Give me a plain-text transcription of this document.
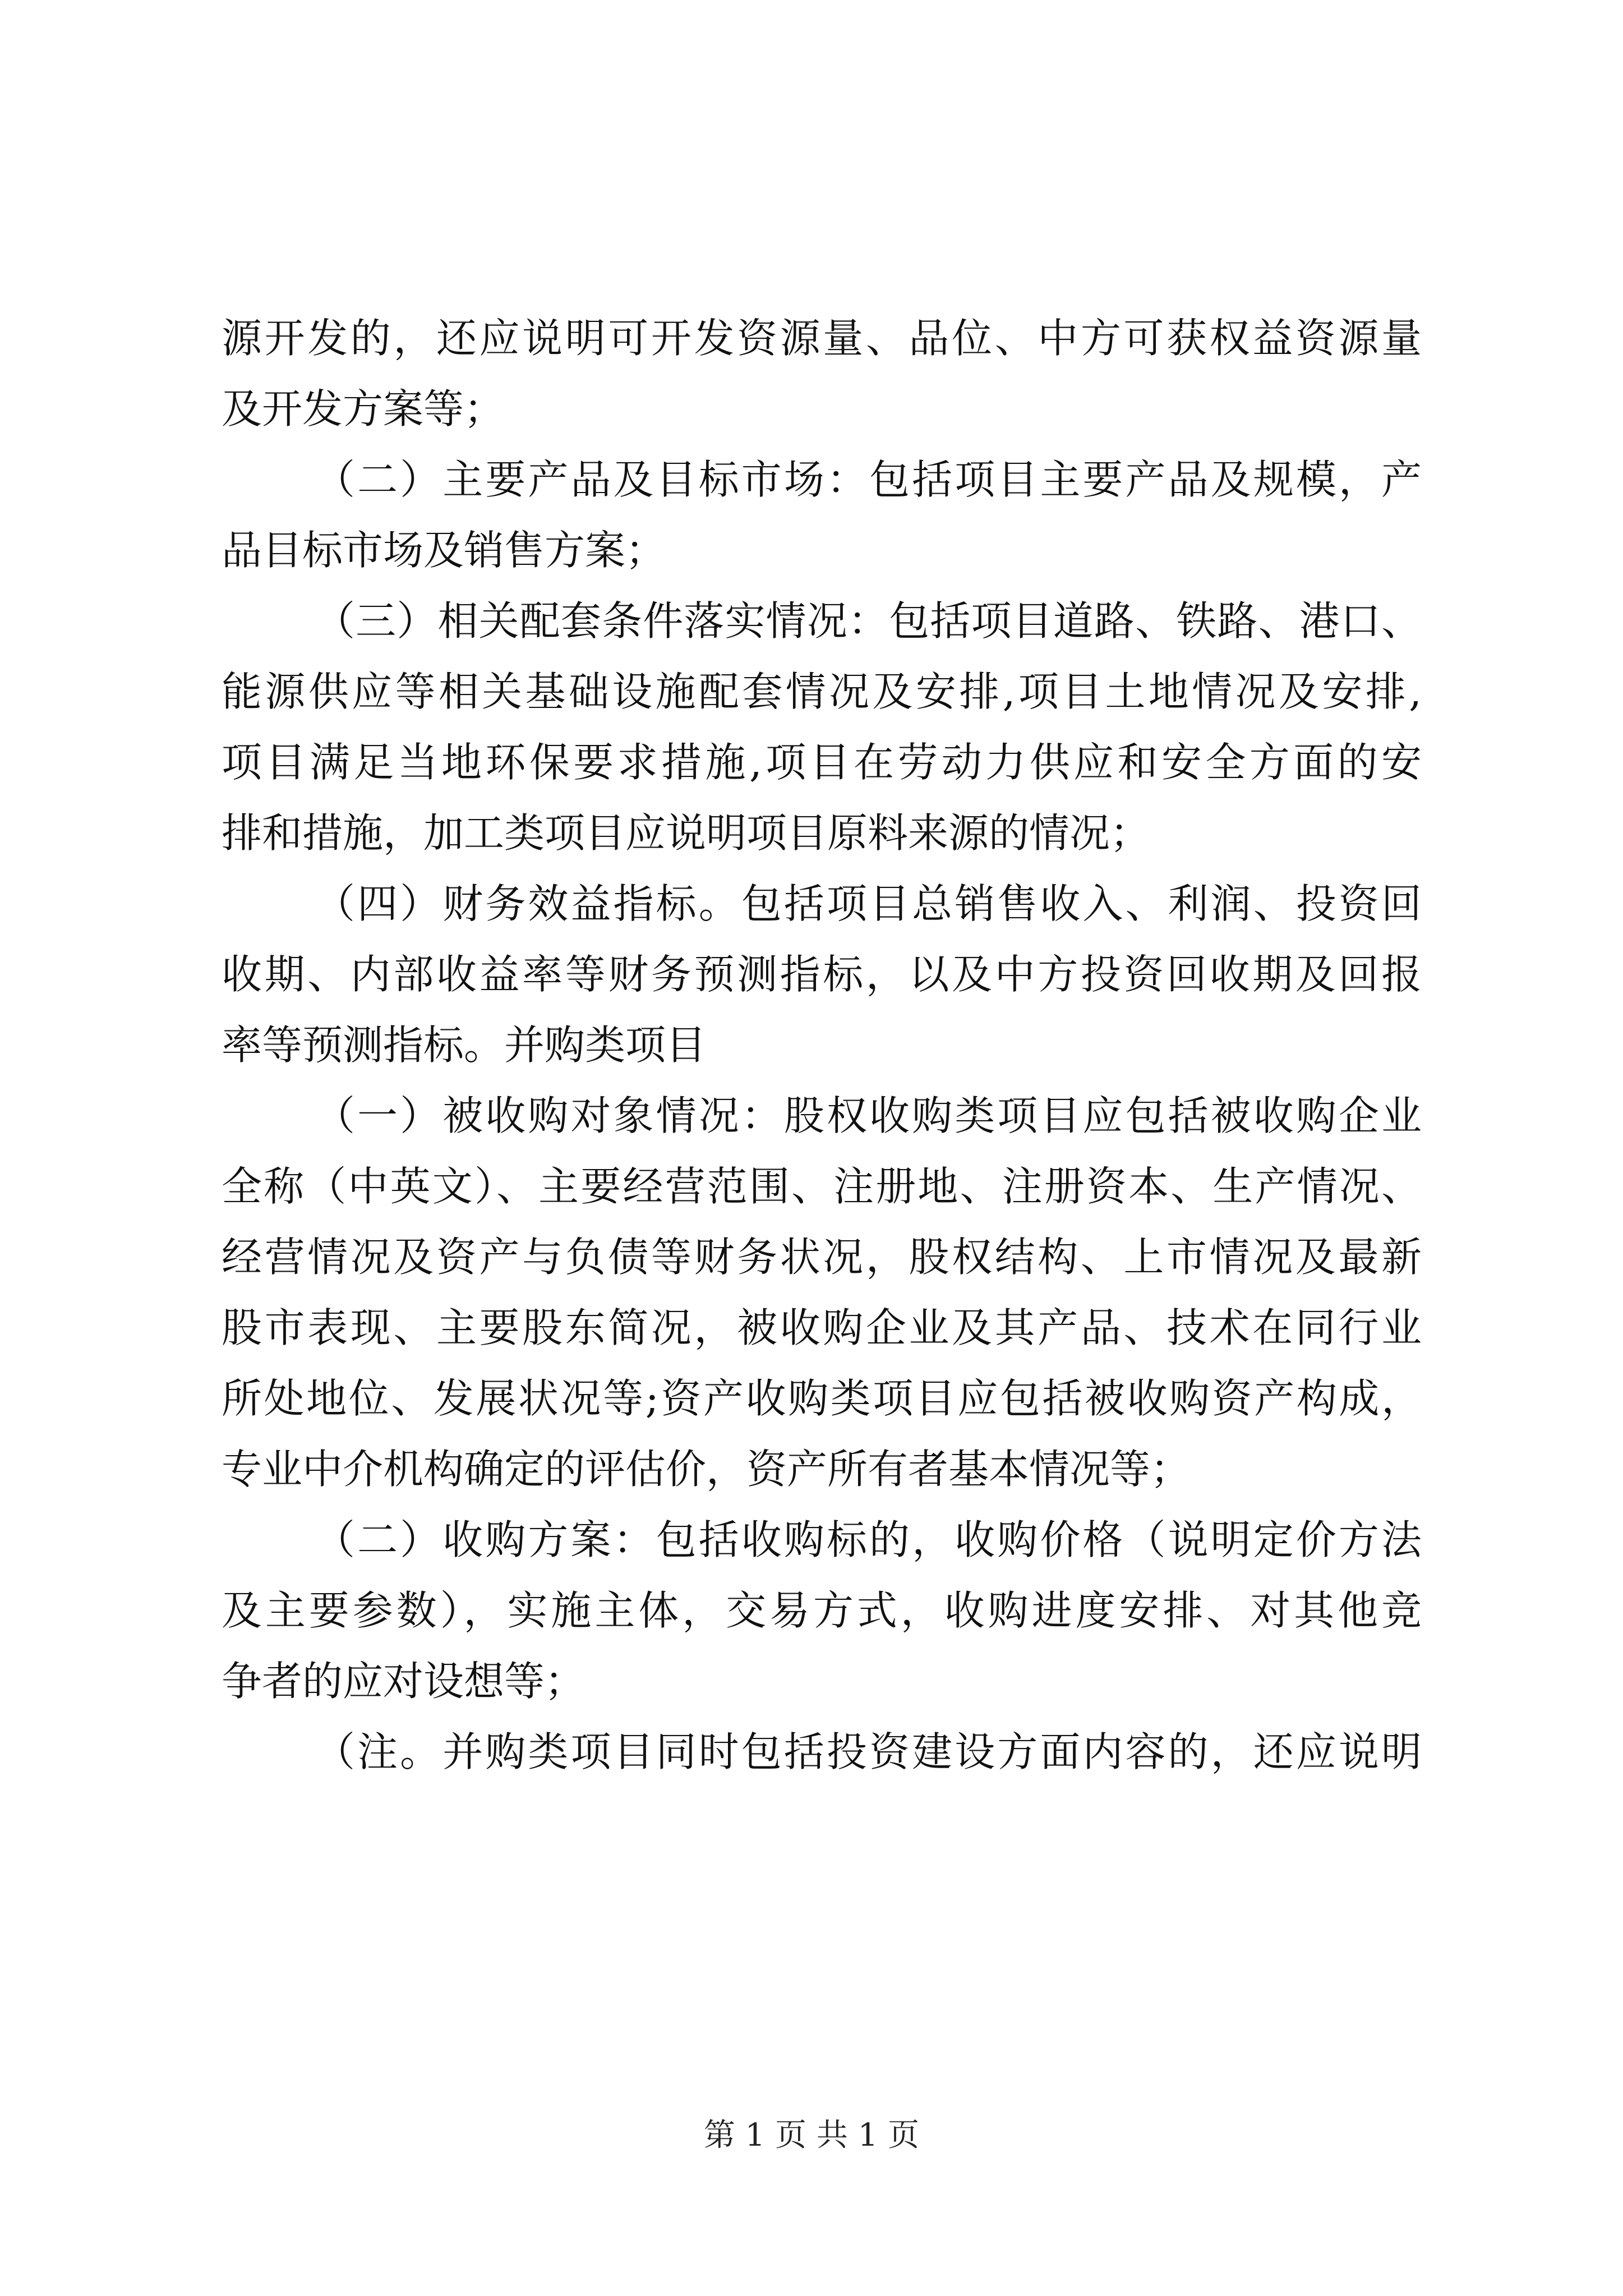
源开发的，还应说明可开发资源量、品位、中方可获权益资源量
及开发方案等；
（二）主要产品及目标市场：包括项目主要产品及规模，产
品目标市场及销售方案；
（三）相关配套条件落实情况：包括项目道路、铁路、港口、
能源供应等相关基础设施配套情况及安排,项目土地情况及安排,
项目满足当地环保要求措施,项目在劳动力供应和安全方面的安
排和措施，加工类项目应说明项目原料来源的情况；
（四）财务效益指标。包括项目总销售收入、利润、投资回
收期、内部收益率等财务预测指标，以及中方投资回收期及回报
率等预测指标。并购类项目
（一）被收购对象情况：股权收购类项目应包括被收购企业
全称（中英文）、主要经营范围、注册地、注册资本、生产情况、
经营情况及资产与负债等财务状况，股权结构、上市情况及最新
股市表现、主要股东简况，被收购企业及其产品、技术在同行业
所处地位、发展状况等;资产收购类项目应包括被收购资产构成，
专业中介机构确定的评估价，资产所有者基本情况等；
（二）收购方案：包括收购标的，收购价格（说明定价方法
及主要参数），实施主体，交易方式，收购进度安排、对其他竞
争者的应对设想等；
（注。并购类项目同时包括投资建设方面内容的，还应说明
第 1 页 共 1 页
